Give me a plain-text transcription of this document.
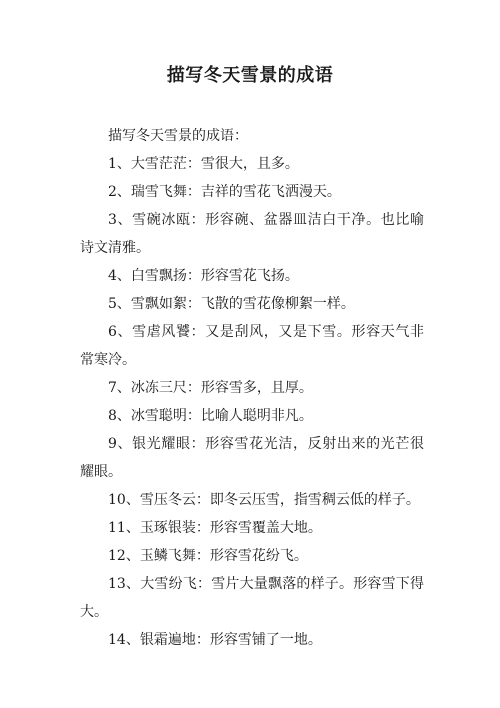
描写冬天雪景的成语

描写冬天雪景的成语：

1、大雪茫茫：雪很大，且多。

2、瑞雪飞舞：吉祥的雪花飞洒漫天。

3、雪碗冰瓯：形容碗、盆器皿洁白干净。也比喻诗文清雅。

4、白雪飘扬：形容雪花飞扬。

5、雪飘如絮：飞散的雪花像柳絮一样。

6、雪虐风饕：又是刮风，又是下雪。形容天气非常寒冷。

7、冰冻三尺：形容雪多，且厚。

8、冰雪聪明：比喻人聪明非凡。

9、银光耀眼：形容雪花光洁，反射出来的光芒很耀眼。

10、雪压冬云：即冬云压雪，指雪稠云低的样子。

11、玉琢银装：形容雪覆盖大地。

12、玉鳞飞舞：形容雪花纷飞。

13、大雪纷飞：雪片大量飘落的样子。形容雪下得大。

14、银霜遍地：形容雪铺了一地。
